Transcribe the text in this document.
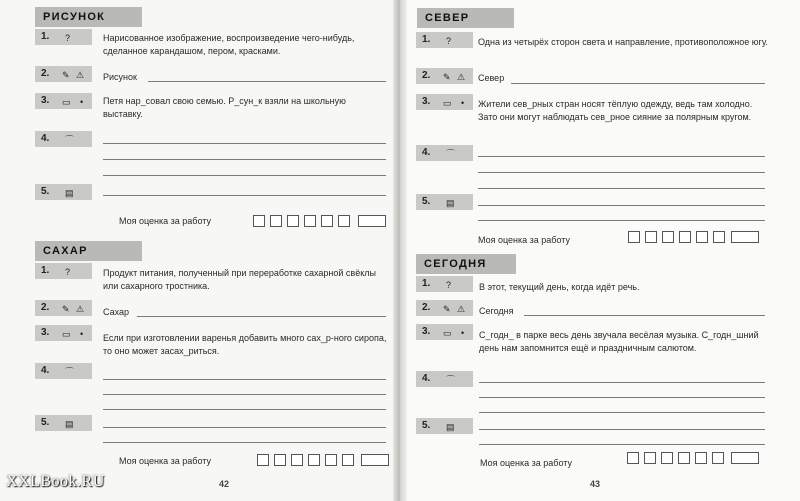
РИСУНОК
1. ?	Нарисованное изображение, воспроизведение чего-нибудь, сделанное карандашом, пером, красками.
2. ✎ ⚠ Рисунок
3. ▭ • Петя нар_совал свою семью. Р_сун_к взяли на школьную выставку.
4. ⌒
5. ▤
Моя оценка за работу
САХАР
1. ?	Продукт питания, полученный при переработке сахарной свёклы или сахарного тростника.
2. ✎ ⚠ Сахар
3. ▭ • Если при изготовлении варенья добавить много сах_р-ного сиропа, то оно может засах_риться.
4. ⌒
5. ▤
Моя оценка за работу
42
СЕВЕР
1. ?	Одна из четырёх сторон света и направление, противоположное югу.
2. ✎ ⚠ Север
3. ▭ • Жители сев_рных стран носят тёплую одежду, ведь там холодно. Зато они могут наблюдать сев_рное сияние за полярным кругом.
4. ⌒
5. ▤
Моя оценка за работу
СЕГОДНЯ
1. ?	В этот, текущий день, когда идёт речь.
2. ✎ ⚠ Сегодня
3. ▭ • С_годн_ в парке весь день звучала весёлая музыка. С_годн_шний день нам запомнится ещё и праздничным салютом.
4. ⌒
5. ▤
Моя оценка за работу
43
XXLBook.RU
